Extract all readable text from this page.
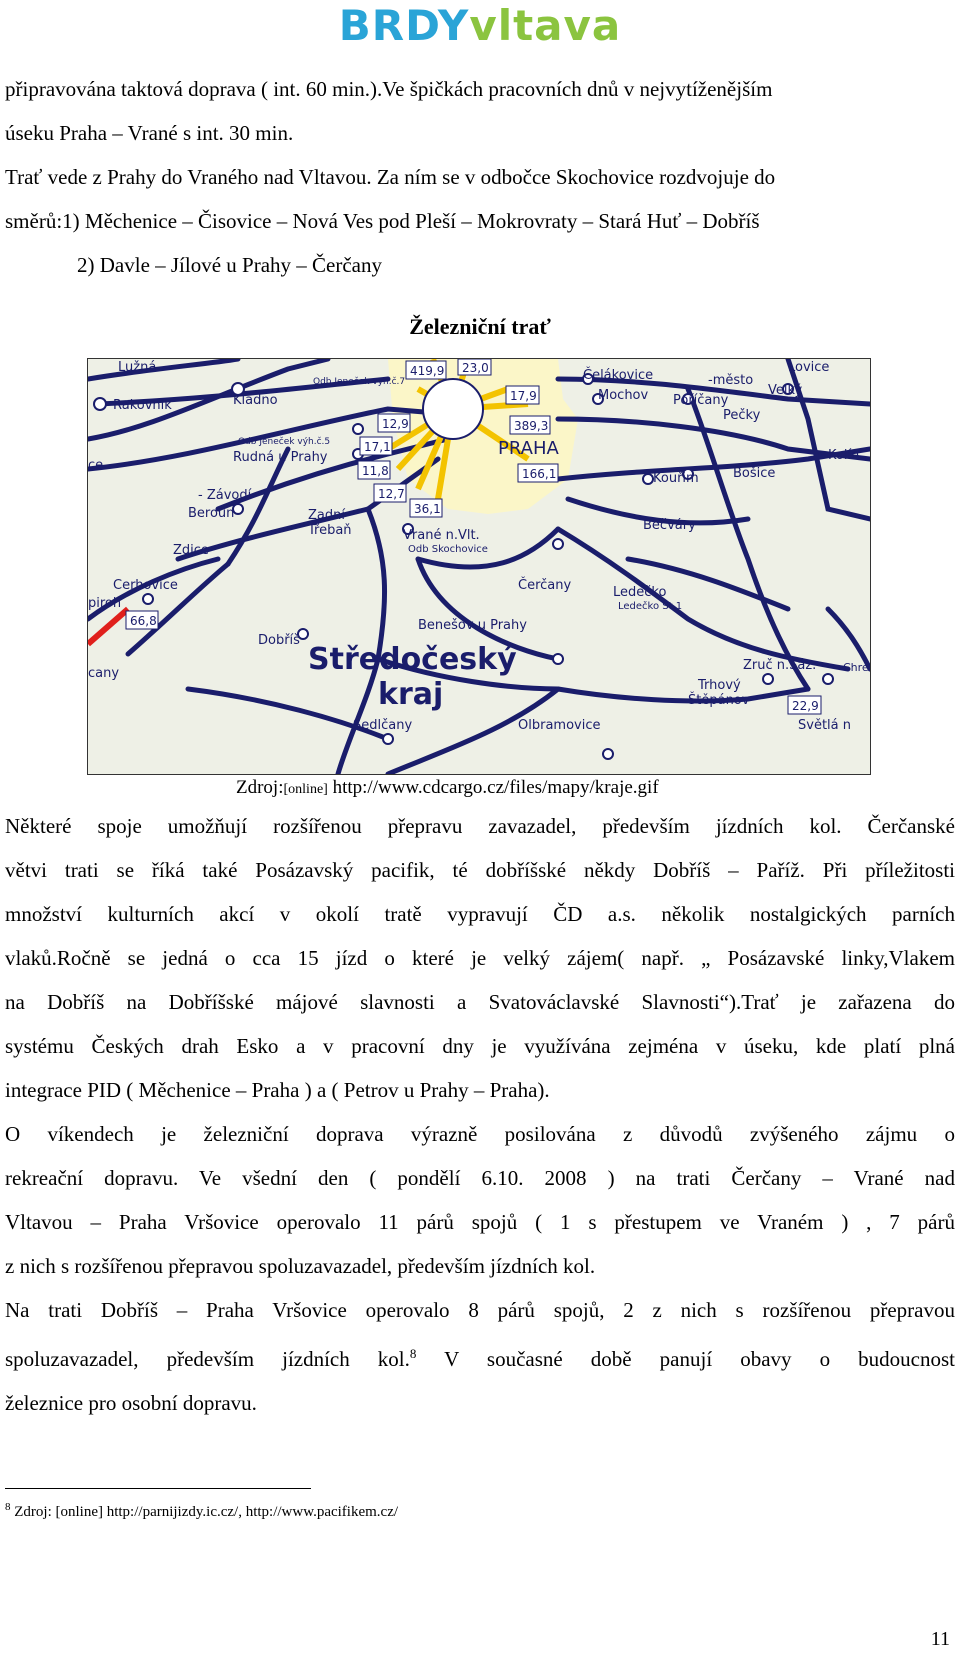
BRDYvltava
připravována taktová doprava ( int. 60 min.).Ve špičkách pracovních dnů v nejvytíženějším
úseku Praha – Vrané s int. 30 min.
Trať vede z Prahy do Vraného nad Vltavou. Za ním se v odbočce Skochovice rozdvojuje do
směrů:1) Měchenice – Čisovice – Nová Ves pod Pleší – Mokrovraty – Stará Huť – Dobříš
2) Davle – Jílové u Prahy – Čerčany
Železniční trať
Lužná	Lovice
Rakovník	Kladno
Odb Jeneček vyh.č.7	Čelákovice	-město
Velký
Mochov Poříčany
Pečky
Odb Jeneček výh.č.5
Rudná u Prahy	PRAHA	Kolín
ce
- Závodí
Beroun-
Kouřim	Bošice
Zadní
Třebaň	Bečváry
Zdice
Vrané n.Vlt.
Odb Skochovice
Cerhovice	Čerčany	Ledečko
Ledečko St.1
piroh
Benešov u Prahy
Dobříš
Středočeský
kraj
Zruč n.Sáz. Chre
cany
Trhový
Štěpánov
Sedlčany	Olbramovice	Světlá n
419,9 23,0
17,9
389,3
12,9
17,1
11,8	166,1
12,7
36,1
66,8
22,9
Zdroj:[online] http://www.cdcargo.cz/files/mapy/kraje.gif
Některé spoje umožňují rozšířenou přepravu zavazadel, především jízdních kol. Čerčanské
větvi trati se říká také Posázavský pacifik, té dobříšské někdy Dobříš – Paříž. Při příležitosti
množství kulturních akcí v okolí tratě vypravují ČD a.s. několik nostalgických parních
vlaků.Ročně se jedná o cca 15 jízd o které je velký zájem( např. „ Posázavské linky,Vlakem
na Dobříš na Dobříšské májové slavnosti a Svatováclavské Slavnosti“).Trať je zařazena do
systému Českých drah Esko a v pracovní dny je využívána zejména v úseku, kde platí plná
integrace PID ( Měchenice – Praha ) a ( Petrov u Prahy – Praha).
O víkendech je železniční doprava výrazně posilována z důvodů zvýšeného zájmu o
rekreační dopravu. Ve všední den ( pondělí 6.10. 2008 ) na trati Čerčany – Vrané nad
Vltavou – Praha Vršovice operovalo 11 párů spojů ( 1 s přestupem ve Vraném ) , 7 párů
z nich s rozšířenou přepravou spoluzavazadel, především jízdních kol.
Na trati Dobříš – Praha Vršovice operovalo 8 párů spojů, 2 z nich s rozšířenou přepravou
spoluzavazadel, především jízdních kol.$^8$ V současné době panují obavy o budoucnost
železnice pro osobní dopravu.
$^8$ Zdroj: [online] http://parnijizdy.ic.cz/, http://www.pacifikem.cz/
11
